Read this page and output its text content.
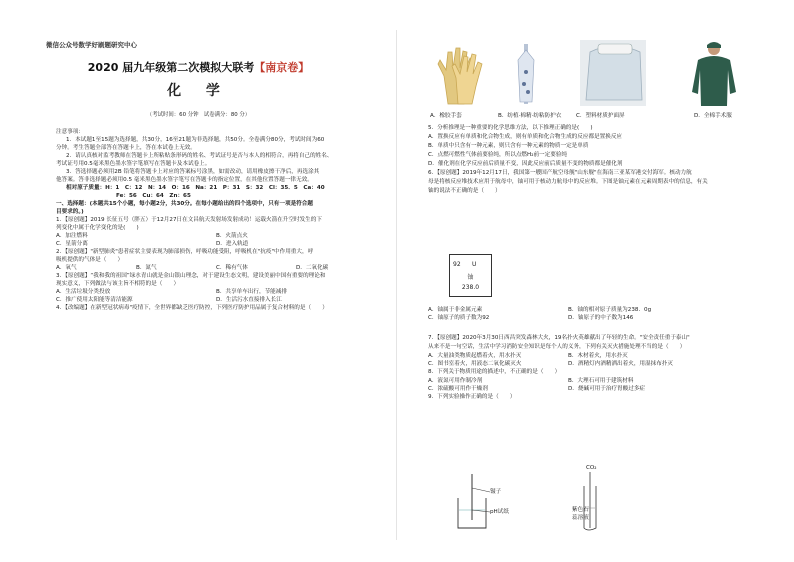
微信公众号数学好刷题研究中心
2020 届九年级第二次模拟大联考【南京卷】
化 学
（考试时间：60 分钟　试卷满分：80 分）
注意事项：
1．本试题1至15题为选择题，共30分，16至21题为非选择题，共50分。全卷满分80分，考试时间为60
分钟。考生答题全部答在答题卡上，答在本试卷上无效。
2．请认真核对监考教师在答题卡上所粘贴条形码的姓名、考试证号是否与本人的相符合，再将自己的姓名、
考试证号用0.5毫米黑色墨水签字笔填写在答题卡及本试卷上。
3．答选择题必须用2B 铅笔将答题卡上对应的答案标号涂黑，如需改动，请用橡皮擦干净后，再选涂其
他答案。答非选择题必须用0.5 毫米黑色墨水签字笔写在答题卡的指定位置，在其他位置答题一律无效。
相对原子质量：H：1　C：12　N：14　O：16　Na：21　P：31　S：32　Cl：35．5　Ca：40
Fe：56　Cu：64　Zn：65
一、选择题：(本题共15个小题，每小题2分，共30分。在每小题给出的四个选项中，只有一项是符合题
目要求的。)
1．【原创题】2019 长征五号（胖五）于12月27日在文昌航天发射场发射成功！运载火箭在升空时发生的下
列变化中属于化学变化的是(　　)
A．加注燃料	B．火箭点火
C．星箭分离	D．进入轨道
2．【原创题】"新型肺炎"患者症状主要表现为肺部损伤，呼吸功能受阻，呼吸机在"抗疫"中作用重大，呼
吸机提供的气体是（　　）
A．氧气	B．氮气	C．稀有气体	D．二氧化碳
3．【原创题】“我和我的祖国”绿水青山就是金山银山理念，对于建设生态文明，建设美丽中国有重要的理论和
现实意义，下列做法与该主旨不相符的是（　　）
A．生活垃圾分类投放	B．共享单车出行，节能减排
C．推广使用太阳能等清洁能源	D．生活污水直接排入长江
4．【改编题】在新型冠状病毒"疫情下，全世界都缺乏医疗防控，下列医疗防护用品属于复合材料的是（　　）
5．分析推理是一种重要的化学思维方法，以下推理正确的是(　　)
A．置换反应有单质和化合物生成，则有单质和化合物生成的反应都是置换反应
B．单质中只含有一种元素，则只含有一种元素的物质一定是单质
C．点燃可燃性气体前要验纯，所以点燃H₂前一定要验纯
D．催化剂在化学反应前后质量不变，因此反应前后质量不变的物质都是催化剂
6．【原创题】2019年12月17日，我国第一艘国产航空母舰"山东舰"在海南三亚某军港交付海军。核动力航
母是将核反应堆技术应用于航母中，铀可用于核动力航母中的反应堆。下图是铀元素在元素周期表中的信息，有关
铀的说法不正确的是（　　）
92 U
铀
238.0
A．铀属于非金属元素	B．铀的相对原子质量为238．0g
C．铀原子的质子数为92	D．铀原子的中子数为146
7．【原创题】2020年3月30日西昌突发森林大火，19名扑火英雄献出了年轻的生命。"安全责任重于泰山"
从来不是一句空话，生活中学习消防安全知识是每个人的义务，下列有关灭火措施处理不当的是（　　）
A．大量油类物质起燃着火，用水扑灭	B．木材着火，用水扑灭
C．图书室着火，用液态二氧化碳灭火	D．酒精灯内酒精洒出着火，用湿抹布扑灭
8．下列关于物质用途的描述中，不正确的是（　　）
A．液氮可用作制冷剂	B．大理石可用于建筑材料
C．浓硫酸可用作干燥剂	D．烧碱可用于治疗胃酸过多症
9．下列实验操作正确的是（　　）
镊子
pH试纸
CO₂
紫色石
蕊溶液
A．橡胶手套	B．纺植·棉精·纺粘防护衣	C．塑料材质护面屏	D．全棉手术服
